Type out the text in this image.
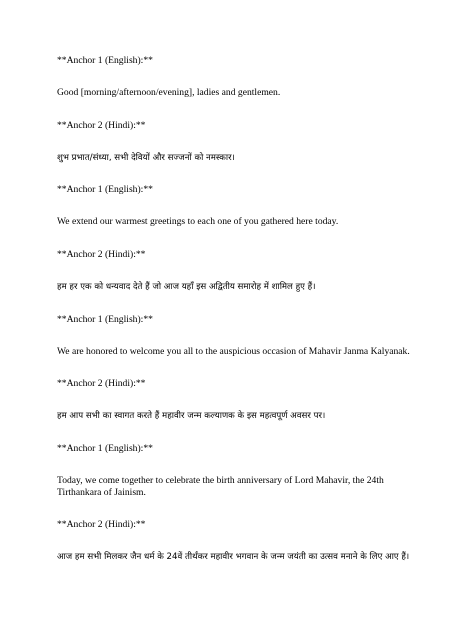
**Anchor 1 (English):**

Good [morning/afternoon/evening], ladies and gentlemen.

**Anchor 2 (Hindi):**

शुभ प्रभात/संध्या, सभी देवियों और सज्जनों को नमस्कार।

**Anchor 1 (English):**

We extend our warmest greetings to each one of you gathered here today.

**Anchor 2 (Hindi):**

हम हर एक को धन्यवाद देते हैं जो आज यहाँ इस अद्वितीय समारोह में शामिल हुए हैं।

**Anchor 1 (English):**

We are honored to welcome you all to the auspicious occasion of Mahavir Janma Kalyanak.

**Anchor 2 (Hindi):**

हम आप सभी का स्वागत करते हैं महावीर जन्म कल्याणक के इस महत्वपूर्ण अवसर पर।

**Anchor 1 (English):**

Today, we come together to celebrate the birth anniversary of Lord Mahavir, the 24th Tirthankara of Jainism.

**Anchor 2 (Hindi):**

आज हम सभी मिलकर जैन धर्म के 24वें तीर्थंकर महावीर भगवान के जन्म जयंती का उत्सव मनाने के लिए आए हैं।
